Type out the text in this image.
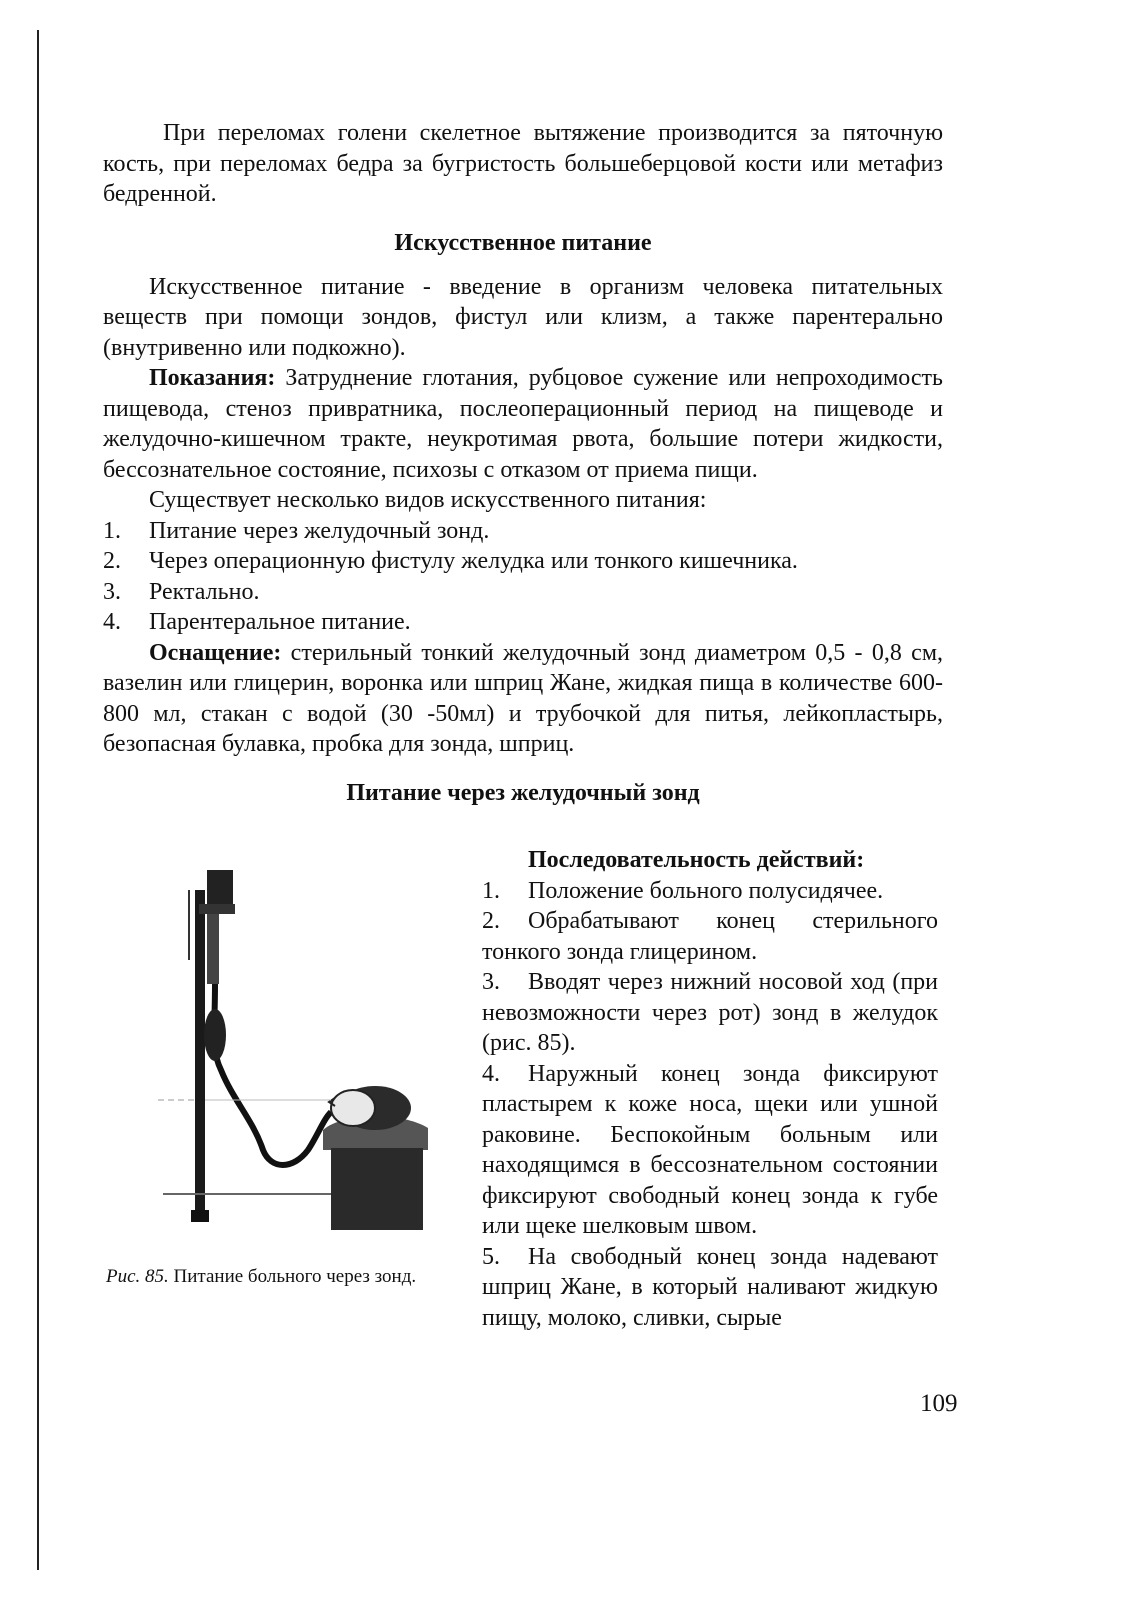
При переломах голени скелетное вытяжение производится за пяточную кость, при переломах бедра за бугристость большеберцовой кости или метафиз бедренной.

Искусственное питание

Искусственное питание - введение в организм человека питательных веществ при помощи зондов, фистул или клизм, а также парентерально (внутривенно или подкожно).

Показания: Затруднение глотания, рубцовое сужение или непроходимость пищевода, стеноз привратника, послеоперационный период на пищеводе и желудочно-кишечном тракте, неукротимая рвота, большие потери жидкости, бессознательное состояние, психозы с отказом от приема пищи.

Существует несколько видов искусственного питания:

1.	Питание через желудочный зонд.
2.	Через операционную фистулу желудка или тонкого кишечника.
3.	Ректально.
4.	Парентеральное питание.

Оснащение: стерильный тонкий желудочный зонд диаметром 0,5 - 0,8 см, вазелин или глицерин, воронка или шприц Жане, жидкая пища в количестве 600-800 мл, стакан с водой (30 -50мл) и трубочкой для питья, лейкопластырь, безопасная булавка, пробка для зонда, шприц.

Питание через желудочный зонд
Рис. 85. Питание больного через зонд.
Последовательность действий:
1.	Положение больного полусидячее.

2. Обрабатывают конец стерильного тонкого зонда глицерином.

3. Вводят через нижний носовой ход (при невозможности через рот) зонд в желудок (рис. 85).

4. Наружный конец зонда фиксируют пластырем к коже носа, щеки или ушной раковине. Беспокойным больным или находящимся в бессознательном состоянии фиксируют свободный конец зонда к губе или щеке шелковым швом.

5. На свободный конец зонда надевают шприц Жане, в который наливают жидкую пищу, молоко, сливки, сырые

109
